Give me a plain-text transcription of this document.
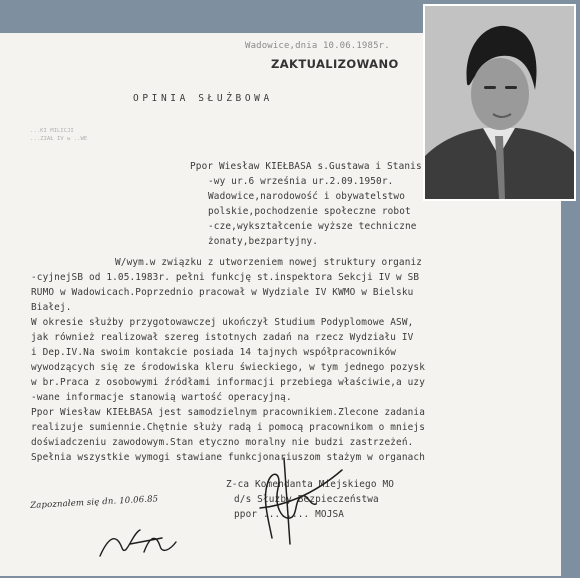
Wadowice,dnia 10.06.1985r.
ZAKTUALIZOWANO
OPINIA SŁUŻBOWA
...KI MILICJI
...ZIAŁ IV w ..WE
Ppor Wiesław KIEŁBASA s.Gustawa i Stanis
-wy ur.6 września ur.2.09.1950r.
Wadowice,narodowość i obywatelstwo
polskie,pochodzenie społeczne robot
-cze,wykształcenie wyższe techniczne
żonaty,bezpartyjny.
W/wym.w związku z utworzeniem nowej struktury organiz
-cyjnejSB od 1.05.1983r. pełni funkcję st.inspektora Sekcji IV w SB
RUMO w Wadowicach.Poprzednio pracował w Wydziale IV KWMO w Bielsku
Białej.
W okresie służby przygotowawczej ukończył Studium Podyplomowe ASW,
jak również realizował szereg istotnych zadań na rzecz Wydziału IV
i Dep.IV.Na swoim kontakcie posiada 14 tajnych współpracowników
wywodzących się ze środowiska kleru świeckiego, w tym jednego pozysk
w br.Praca z osobowymi źródłami informacji przebiega właściwie,a uzy
-wane informacje stanowią wartość operacyjną.
Ppor Wiesław KIEŁBASA jest samodzielnym pracownikiem.Zlecone zadania
realizuje sumiennie.Chętnie służy radą i pomocą pracownikom o mniejs
doświadczeniu zawodowym.Stan etyczno moralny nie budzi zastrzeżeń.
Spełnia wszystkie wymogi stawiane funkcjonariuszom stażym w organach
Z-ca Komendanta Miejskiego MO
d/s Służby Bezpieczeństwa
ppor ........ MOJSA
Zapoznałem się dn. 10.06.85
